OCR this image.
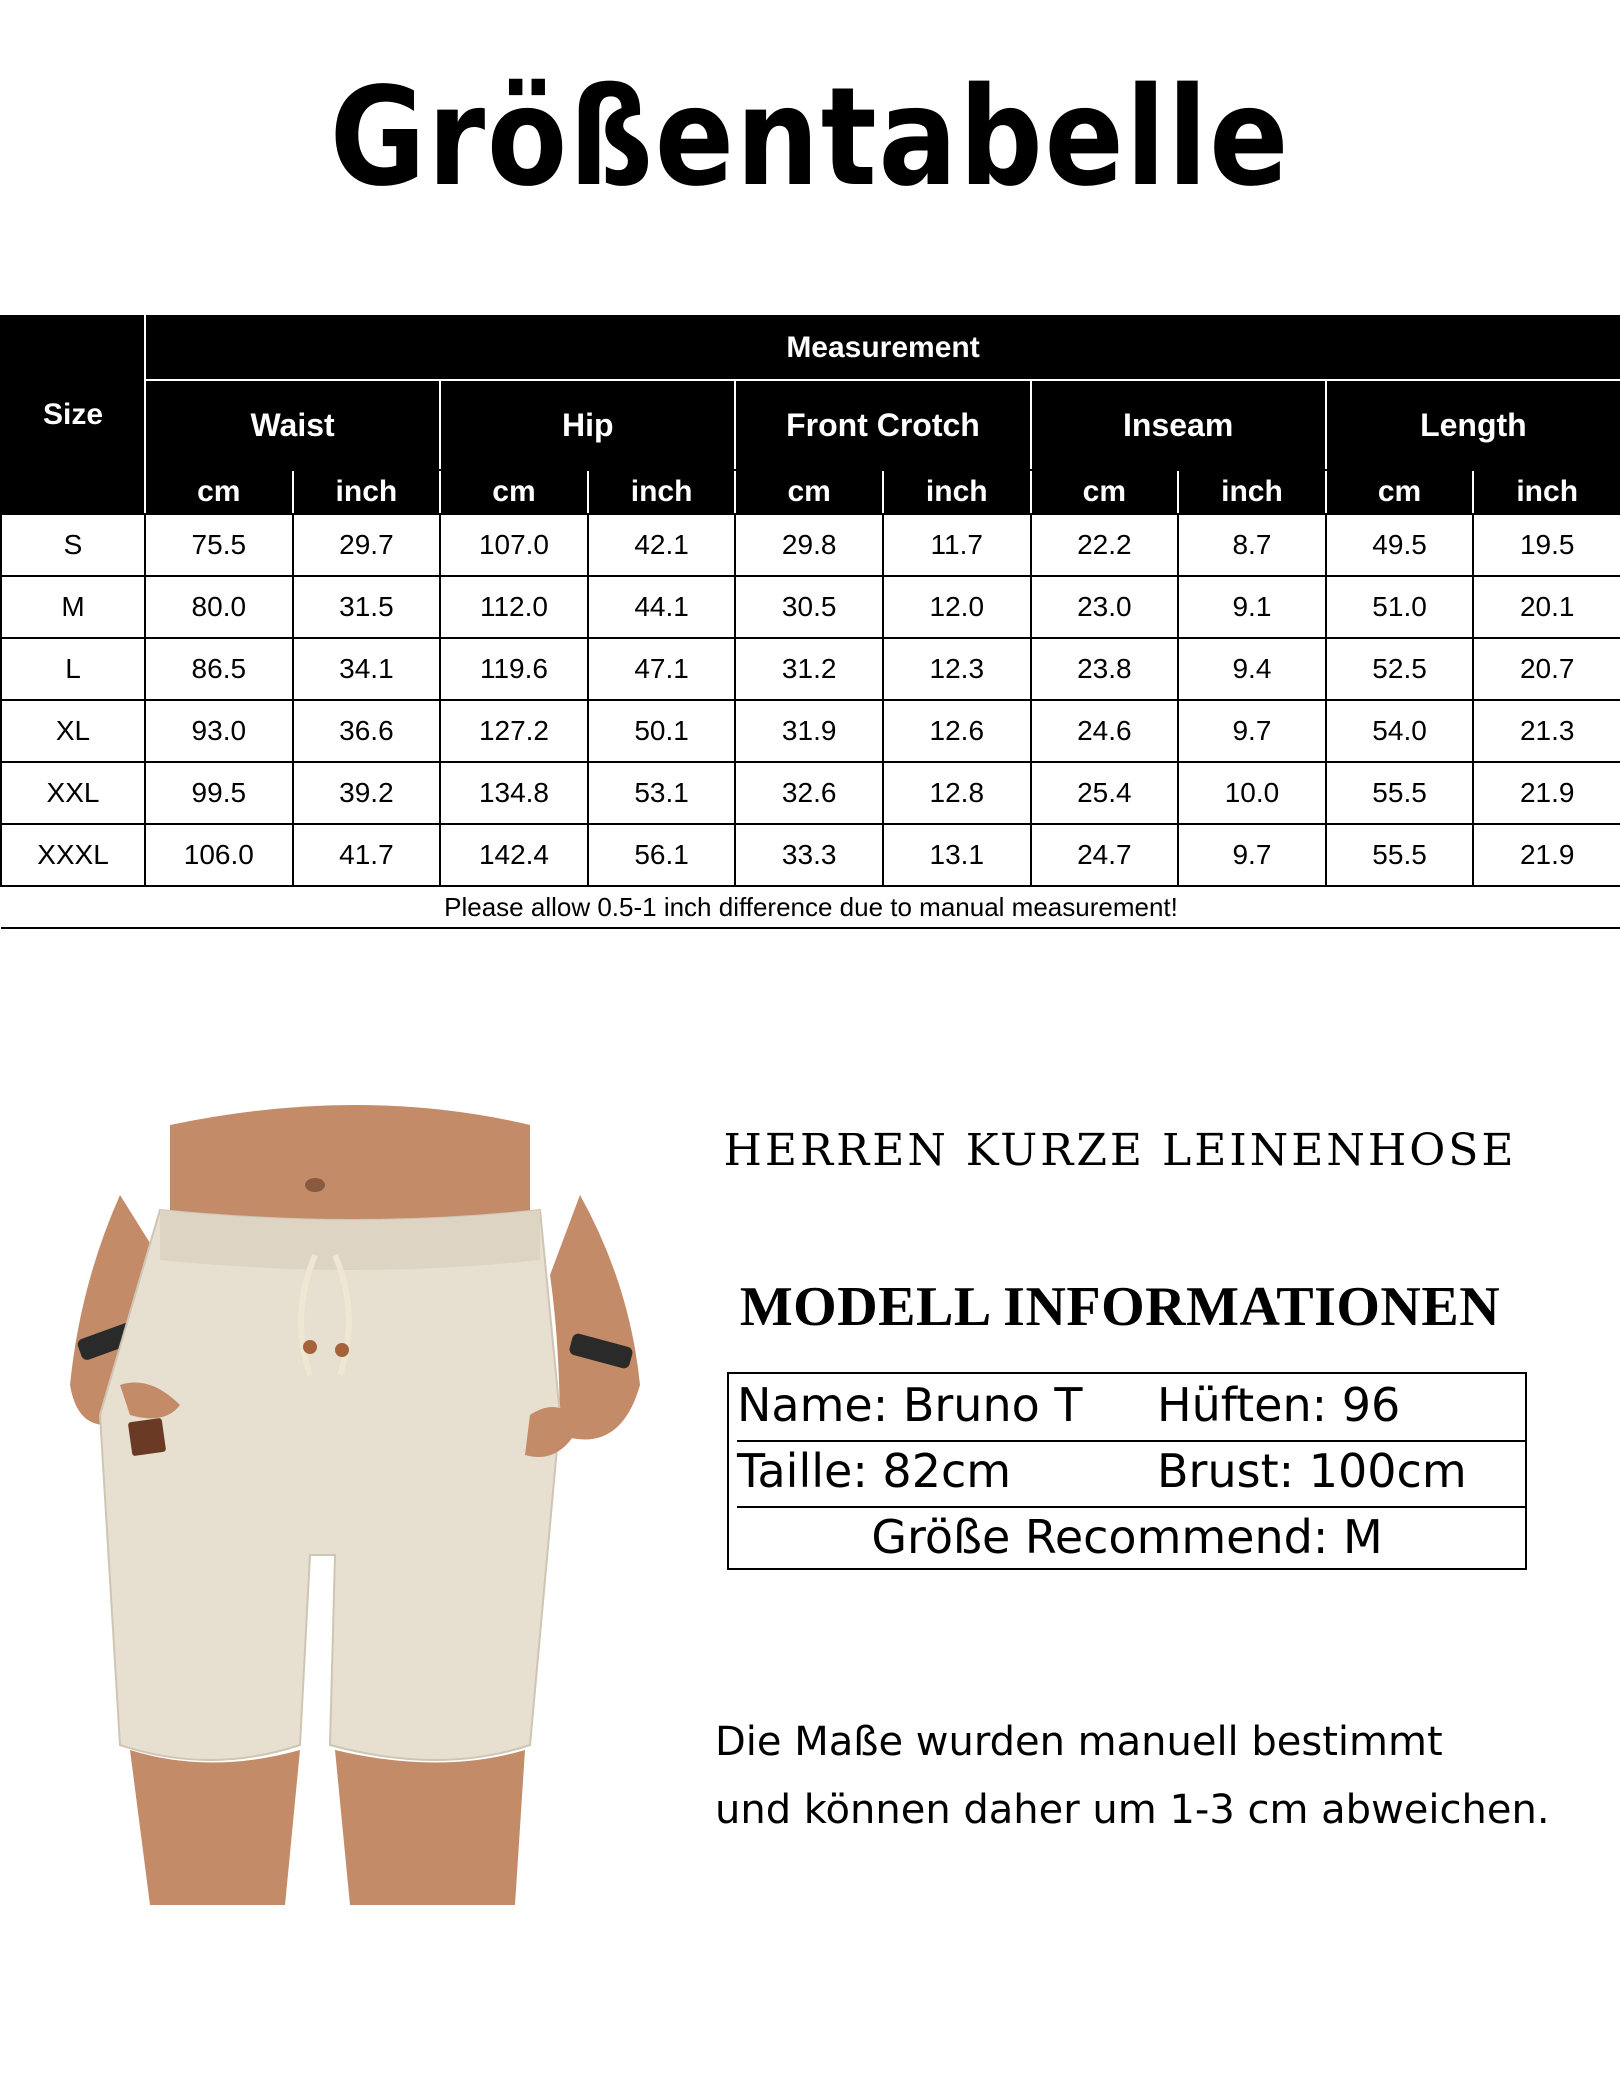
Größentabelle
Size	Measurement									
	Waist		Hip		Front Crotch		Inseam		Length	
	cm	inch	cm	inch	cm	inch	cm	inch	cm	inch
S	75.5	29.7	107.0	42.1	29.8	11.7	22.2	8.7	49.5	19.5
M	80.0	31.5	112.0	44.1	30.5	12.0	23.0	9.1	51.0	20.1
L	86.5	34.1	119.6	47.1	31.2	12.3	23.8	9.4	52.5	20.7
XL	93.0	36.6	127.2	50.1	31.9	12.6	24.6	9.7	54.0	21.3
XXL	99.5	39.2	134.8	53.1	32.6	12.8	25.4	10.0	55.5	21.9
XXXL	106.0	41.7	142.4	56.1	33.3	13.1	24.7	9.7	55.5	21.9
Please allow 0.5-1 inch difference due to manual measurement!										
HERREN KURZE LEINENHOSE
MODELL INFORMATIONEN
Name: Bruno T Hüften: 96
Taille: 82cm	Brust: 100cm
Größe Recommend: M
Die Maße wurden manuell bestimmt
und können daher um 1-3 cm abweichen.
